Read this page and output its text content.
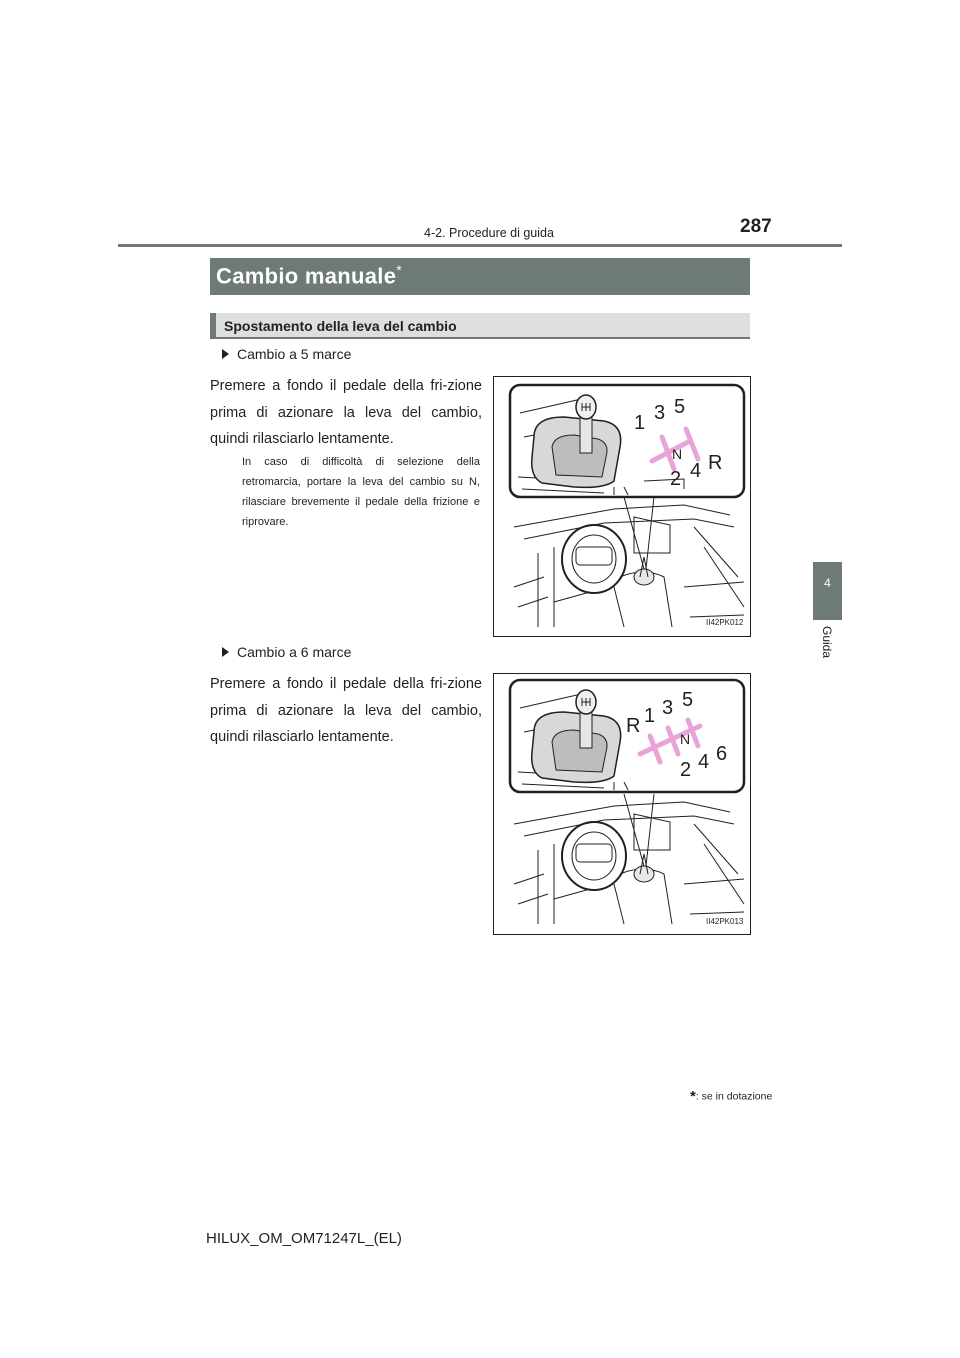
4-2. Procedure di guida	287
4
Guida
Cambio manuale*
Spostamento della leva del cambio
Cambio a 5 marce
Premere a fondo il pedale della fri-zione prima di azionare la leva del cambio, quindi rilasciarlo lentamente.
In caso di difficoltà di selezione della retromarcia, portare la leva del cambio su N, rilasciare brevemente il pedale della frizione e riprovare.
1 3 5
N
2 4 R
II42PK012
Cambio a 6 marce
Premere a fondo il pedale della fri-zione prima di azionare la leva del cambio, quindi rilasciarlo lentamente.	R 1 3 5
N
2 4 6
II42PK013
*: se in dotazione
HILUX_OM_OM71247L_(EL)
